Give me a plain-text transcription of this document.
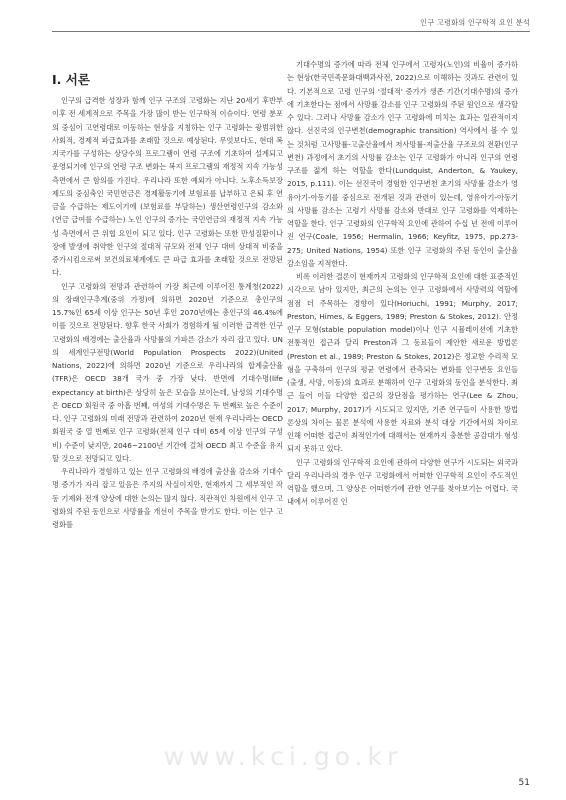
인구 고령화의 인구학적 요인 분석
Ⅰ. 서론

인구의 급격한 성장과 함께 인구 구조의 고령화는 지난 20세기 후반부 이후 전 세계적으로 주목을 가장 많이 받는 인구학적 이슈이다. 연령 분포의 중심이 고연령대로 이동하는 현상을 지칭하는 인구 고령화는 광범위한 사회적, 경제적 파급효과를 초래할 것으로 예상된다. 무엇보다도, 현대 복지국가를 구성하는 상당수의 프로그램이 연령 구조에 기초하여 설계되고 운영되기에 인구의 연령 구조 변화는 복지 프로그램의 재정적 지속 가능성 측면에서 큰 함의를 가진다. 우리나라 또한 예외가 아니다. 노후소득보장제도의 중심축인 국민연금은 경제활동기에 보험료를 납부하고 은퇴 후 연금을 수급하는 제도이기에 (보험료를 부담하는) 생산연령인구의 감소와 (연금 급여를 수급하는) 노인 인구의 증가는 국민연금의 재정적 지속 가능성 측면에서 큰 위협 요인이 되고 있다. 인구 고령화는 또한 만성질환이나 장애 발생에 취약한 인구의 절대적 규모와 전체 인구 대비 상대적 비중을 증가시킴으로써 보건의료체계에도 큰 파급 효과를 초래할 것으로 전망된다.

인구 고령화의 전망과 관련하여 가장 최근에 이루어진 통계청(2022)의 장래인구추계(중위 가정)에 의하면 2020년 기준으로 총인구의 15.7%인 65세 이상 인구는 50년 후인 2070년에는 총인구의 46.4%에 이를 것으로 전망된다. 향후 한국 사회가 경험하게 될 이러한 급격한 인구 고령화의 배경에는 출산율과 사망률의 가파른 감소가 자리 잡고 있다. UN의 세계인구전망(World Population Prospects 2022)(United Nations, 2022)에 의하면 2020년 기준으로 우리나라의 합계출산율(TFR)은 OECD 38개 국가 중 가장 낮다. 반면에 기대수명(life expectancy at birth)은 상당히 높은 모습을 보이는데, 남성의 기대수명은 OECD 회원국 중 아홉 번째, 여성의 기대수명은 두 번째로 높은 수준이다. 인구 고령화의 미래 전망과 관련하여 2020년 현재 우리나라는 OECD 회원국 중 열 번째로 인구 고령화(전체 인구 대비 65세 이상 인구의 구성비) 수준이 낮지만, 2046~2100년 기간에 걸쳐 OECD 최고 수준을 유지할 것으로 전망되고 있다.

우리나라가 경험하고 있는 인구 고령화의 배경에 출산율 감소와 기대수명 증가가 자리 잡고 있음은 주지의 사실이지만, 현재까지 그 세부적인 작동 기제와 전개 양상에 대한 논의는 많지 않다. 직관적인 차원에서 인구 고령화의 주된 동인으로 사망률을 개선이 주목을 받기도 한다. 이는 인구 고령화를

기대수명의 증가에 따라 전체 인구에서 고령자(노인)의 비율이 증가하는 현상(한국민족문화대백과사전, 2022)으로 이해하는 것과도 관련이 있다. 기본적으로 고령 인구의 '절대적' 증가가 생존 기간(기대수명)의 증가에 기초한다는 점에서 사망률 감소를 인구 고령화의 주된 원인으로 생각할 수 있다. 그러나 사망률 감소가 인구 고령화에 미치는 효과는 일관적이지 않다. 선진국의 인구변천(demographic transition) 역사에서 볼 수 있는 것처럼 고사망률-고출산율에서 저사망률-저출산율 구조로의 전환(인구변천) 과정에서 초기의 사망률 감소는 인구 고령화가 아니라 인구의 연령 구조를 젊게 하는 역할을 한다(Lundquist, Anderton, & Yaukey, 2015, p.111). 이는 선진국이 경험한 인구변천 초기의 사망률 감소가 영유아기-아동기를 중심으로 전개된 것과 관련이 있는데, 영유아기-아동기의 사망률 감소는 고령기 사망률 감소와 반대로 인구 고령화를 억제하는 역할을 한다. 인구 고령화의 인구학적 요인에 관하여 수십 년 전에 이루어진 연구(Coale, 1956; Hermalin, 1966; Keyfitz, 1975, pp.273-275; United Nations, 1954) 또한 인구 고령화의 주된 동인이 출산율 감소임을 지적한다.

비록 이러한 결론이 현재까지 고령화의 인구학적 요인에 대한 표준적인 시각으로 남아 있지만, 최근의 논의는 인구 고령화에서 사망력의 역할에 점점 더 주목하는 경향이 있다(Horiuchi, 1991; Murphy, 2017; Preston, Himes, & Eggers, 1989; Preston & Stokes, 2012). 안정인구 모형(stable population model)이나 인구 시뮬레이션에 기초한 전통적인 접근과 달리 Preston과 그 동료들이 제안한 새로운 방법론(Preston et al., 1989; Preston & Stokes, 2012)은 정교한 수리적 모형을 구축하여 인구의 평균 연령에서 관측되는 변화를 인구변동 요인들(출생, 사망, 이동)의 효과로 분해하여 인구 고령화의 동인을 분석한다. 최근 들어 이들 다양한 접근의 장단점을 평가하는 연구(Lee & Zhou, 2017; Murphy, 2017)가 시도되고 있지만, 기존 연구들이 사용한 방법론상의 차이는 물론 분석에 사용한 자료와 분석 대상 기간에서의 차이로 인해 어떠한 접근이 최적인가에 대해서는 현재까지 충분한 공감대가 형성되지 못하고 있다.

인구 고령화의 인구학적 요인에 관하여 다양한 연구가 시도되는 외국과 달리 우리나라의 경우 인구 고령화에서 어떠한 인구학적 요인이 주도적인 역할을 했으며, 그 양상은 어떠한가에 관한 연구를 찾아보기는 어렵다. 국내에서 이루어진 인

www.kci.go.kr
51
